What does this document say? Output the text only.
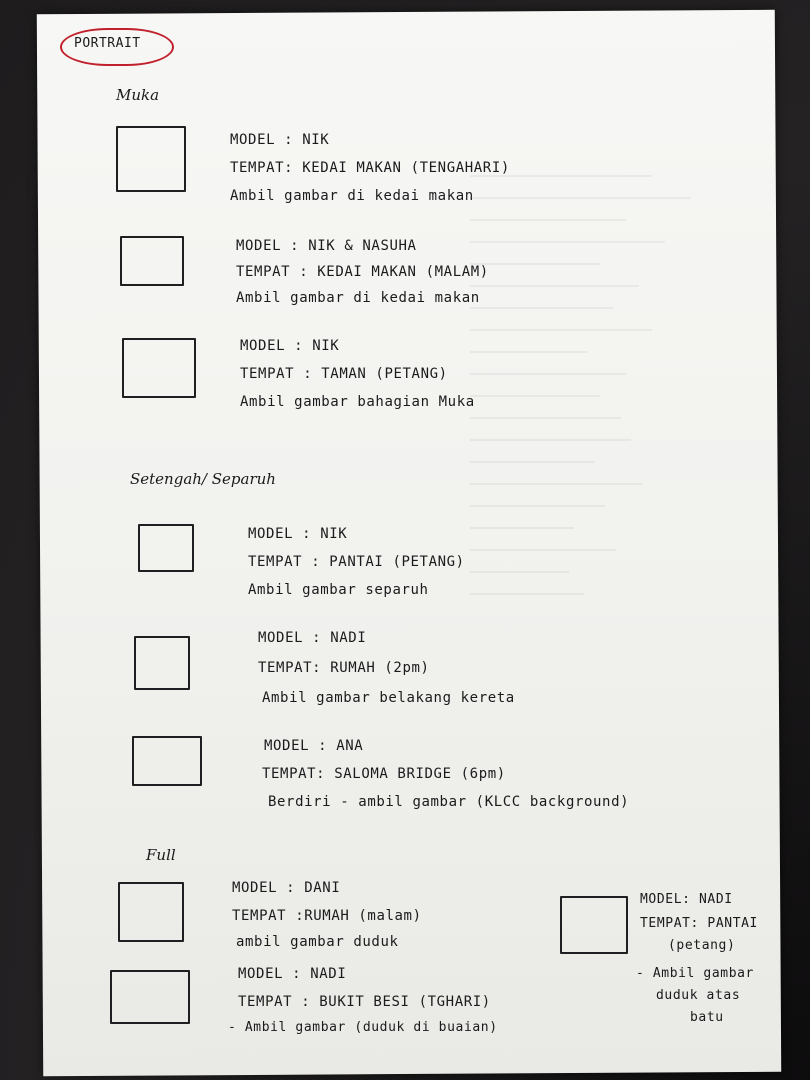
PORTRAIT
Muka
MODEL : NIK
TEMPAT: KEDAI MAKAN (TENGAHARI)
Ambil gambar di kedai makan
MODEL : NIK & NASUHA
TEMPAT : KEDAI MAKAN (MALAM)
Ambil gambar di kedai makan
MODEL : NIK
TEMPAT : TAMAN (PETANG)
Ambil gambar bahagian Muka
Setengah/ Separuh
MODEL : NIK
TEMPAT : PANTAI (PETANG)
Ambil gambar separuh
MODEL : NADI
TEMPAT: RUMAH (2pm)
Ambil gambar belakang kereta
MODEL : ANA
TEMPAT: SALOMA BRIDGE (6pm)
Berdiri - ambil gambar (KLCC background)
Full
MODEL : DANI
TEMPAT :RUMAH (malam)
ambil gambar duduk
MODEL : NADI
TEMPAT : BUKIT BESI (TGHARI)
- Ambil gambar (duduk di buaian)
MODEL: NADI
TEMPAT: PANTAI
(petang)
- Ambil gambar
duduk atas
batu
